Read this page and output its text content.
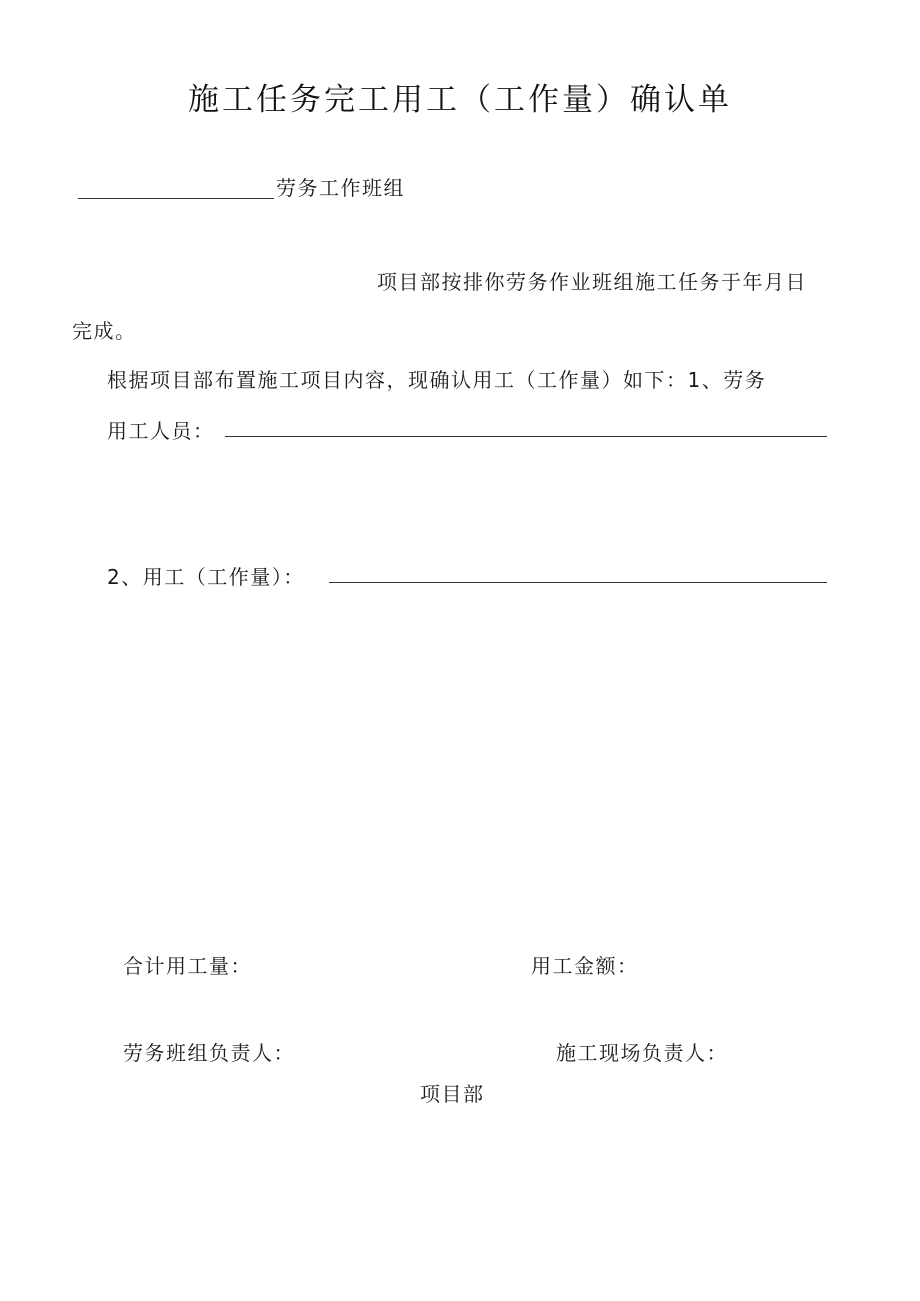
施工任务完工用工（工作量）确认单
劳务工作班组
项目部按排你劳务作业班组施工任务于年月日
完成。
根据项目部布置施工项目内容，现确认用工（工作量）如下：1、劳务
用工人员：
2、用工（工作量）：
合计用工量：	用工金额：
劳务班组负责人：	施工现场负责人：
项目部
